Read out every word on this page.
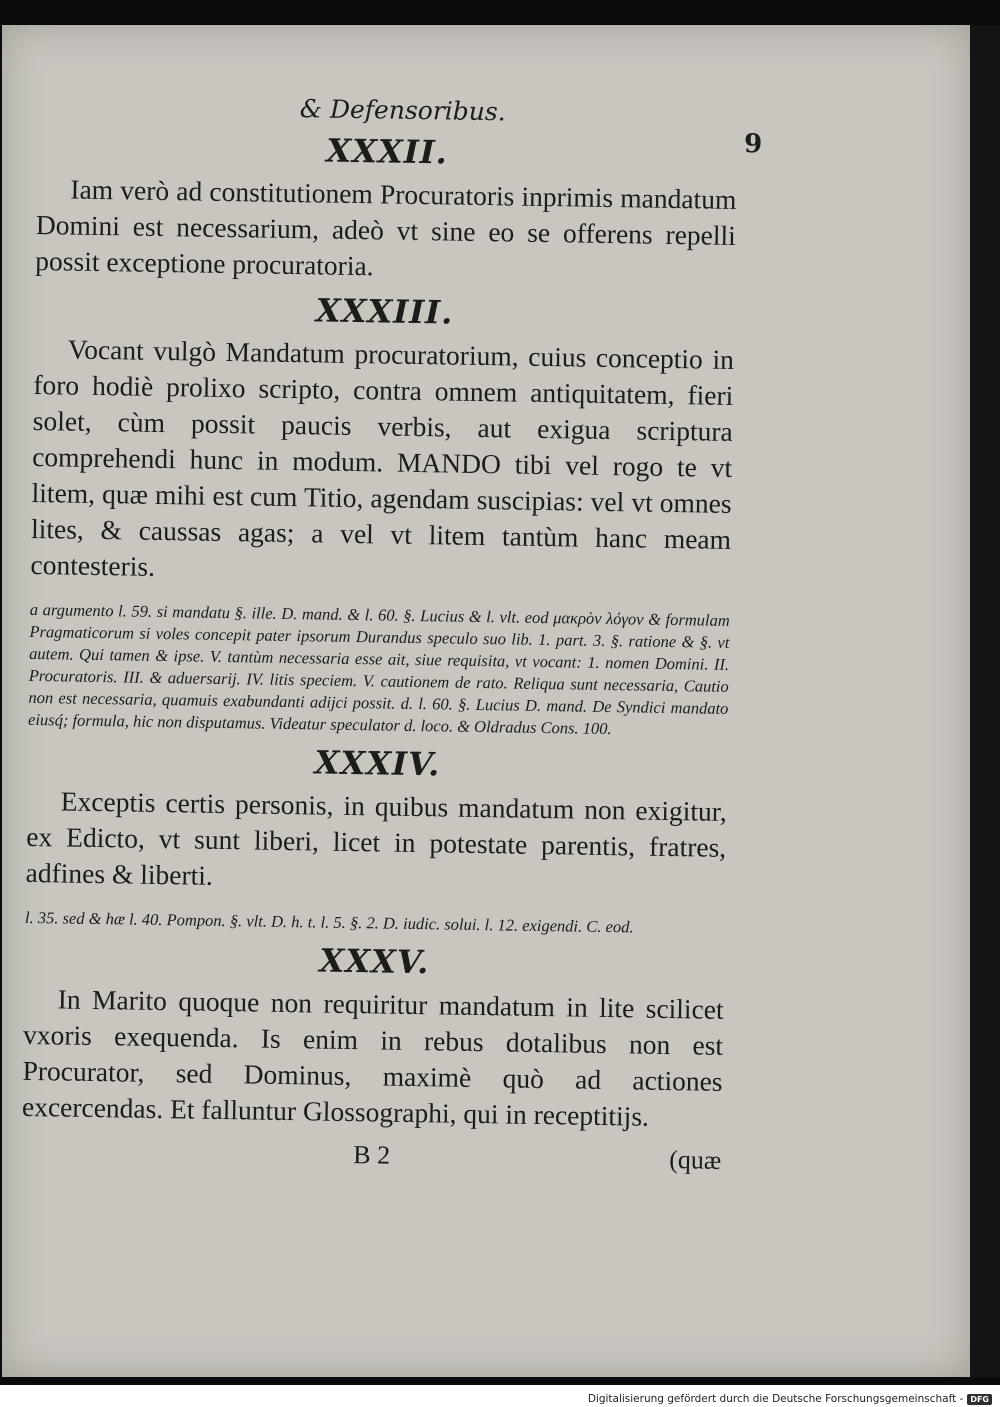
& Defensoribus.
9
XXXII.

Iam verò ad constitutionem Procuratoris inprimis mandatum Domini est necessarium, adeò vt sine eo se offerens repelli possit exceptione procuratoria.

XXXIII.

Vocant vulgò Mandatum procuratorium, cuius conceptio in foro hodiè prolixo scripto, contra omnem antiquitatem, fieri solet, cùm possit paucis verbis, aut exigua scriptura comprehendi hunc in modum. MANDO tibi vel rogo te vt litem, quæ mihi est cum Titio, agendam suscipias: vel vt omnes lites, & caussas agas; a vel vt litem tantùm hanc meam contesteris.

a argumento l. 59. si mandatu §. ille. D. mand. & l. 60. §. Lucius & l. vlt. eod μακρὸν λόγον & formulam Pragmaticorum si voles concepit pater ipsorum Durandus speculo suo lib. 1. part. 3. §. ratione & §. vt autem. Qui tamen & ipse. V. tantùm necessaria esse ait, siue requisita, vt vocant: 1. nomen Domini. II. Procuratoris. III. & aduersarij. IV. litis speciem. V. cautionem de rato. Reliqua sunt necessaria, Cautio non est necessaria, quamuis exabundanti adijci possit. d. l. 60. §. Lucius D. mand. De Syndici mandato eiusq́; formula, hic non disputamus. Videatur speculator d. loco. & Oldradus Cons. 100.

XXXIV.

Exceptis certis personis, in quibus mandatum non exigitur, ex Edicto, vt sunt liberi, licet in potestate parentis, fratres, adfines & liberti.

l. 35. sed & hæ l. 40. Pompon. §. vlt. D. h. t. l. 5. §. 2. D. iudic. solui. l. 12. exigendi. C. eod.

XXXV.

In Marito quoque non requiritur mandatum in lite scilicet vxoris exequenda. Is enim in rebus dotalibus non est Procurator, sed Dominus, maximè quò ad actiones excercendas. Et falluntur Glossographi, qui in receptitijs.

B 2	(quæ
Digitalisierung gefördert durch die Deutsche Forschungsgemeinschaft - DFG
